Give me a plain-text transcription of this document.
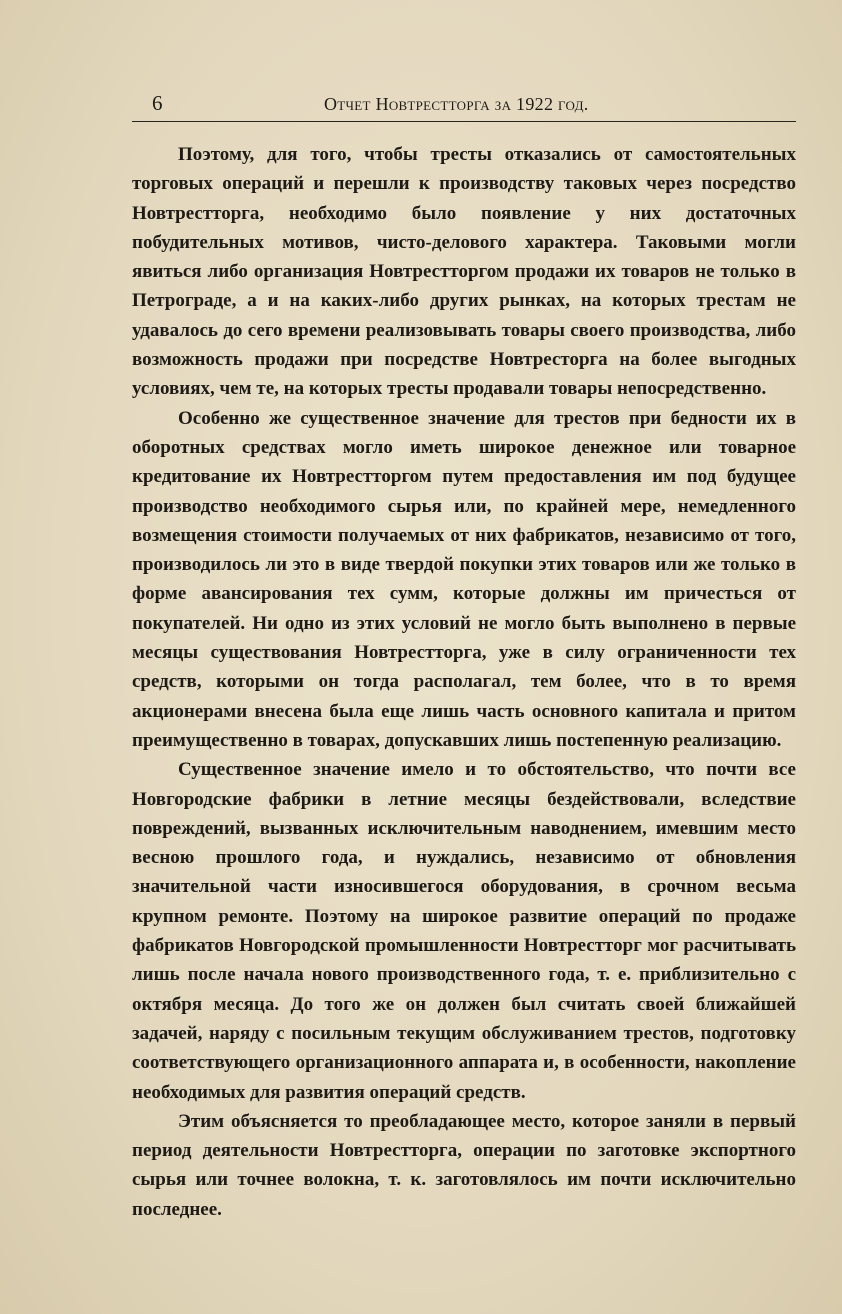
6	Отчет Новтрестторга за 1922 год.

Поэтому, для того, чтобы тресты отказались от самостоятельных торговых операций и перешли к производству таковых через посредство Новтрестторга, необходимо было появление у них достаточных побудительных мотивов, чисто-делового характера. Таковыми могли явиться либо организация Новтрестторгом продажи их товаров не только в Петрограде, а и на каких-либо других рынках, на которых трестам не удавалось до сего времени реализовывать товары своего производства, либо возможность продажи при посредстве Новтресторга на более выгодных условиях, чем те, на которых тресты продавали товары непосредственно.

Особенно же существенное значение для трестов при бедности их в оборотных средствах могло иметь широкое денежное или товарное кредитование их Новтрестторгом путем предоставления им под будущее производство необходимого сырья или, по крайней мере, немедленного возмещения стоимости получаемых от них фабрикатов, независимо от того, производилось ли это в виде твердой покупки этих товаров или же только в форме авансирования тех сумм, которые должны им причесться от покупателей. Ни одно из этих условий не могло быть выполнено в первые месяцы существования Новтрестторга, уже в силу ограниченности тех средств, которыми он тогда располагал, тем более, что в то время акционерами внесена была еще лишь часть основного капитала и притом преимущественно в товарах, допускавших лишь постепенную реализацию.

Существенное значение имело и то обстоятельство, что почти все Новгородские фабрики в летние месяцы бездействовали, вследствие повреждений, вызванных исключительным наводнением, имевшим место весною прошлого года, и нуждались, независимо от обновления значительной части износившегося оборудования, в срочном весьма крупном ремонте. Поэтому на широкое развитие операций по продаже фабрикатов Новгородской промышленности Новтрестторг мог расчитывать лишь после начала нового производственного года, т. е. приблизительно с октября месяца. До того же он должен был считать своей ближайшей задачей, наряду с посильным текущим обслуживанием трестов, подготовку соответствующего организационного аппарата и, в особенности, накопление необходимых для развития операций средств.

Этим объясняется то преобладающее место, которое заняли в первый период деятельности Новтрестторга, операции по заготовке экспортного сырья или точнее волокна, т. к. заготовлялось им почти исключительно последнее.
